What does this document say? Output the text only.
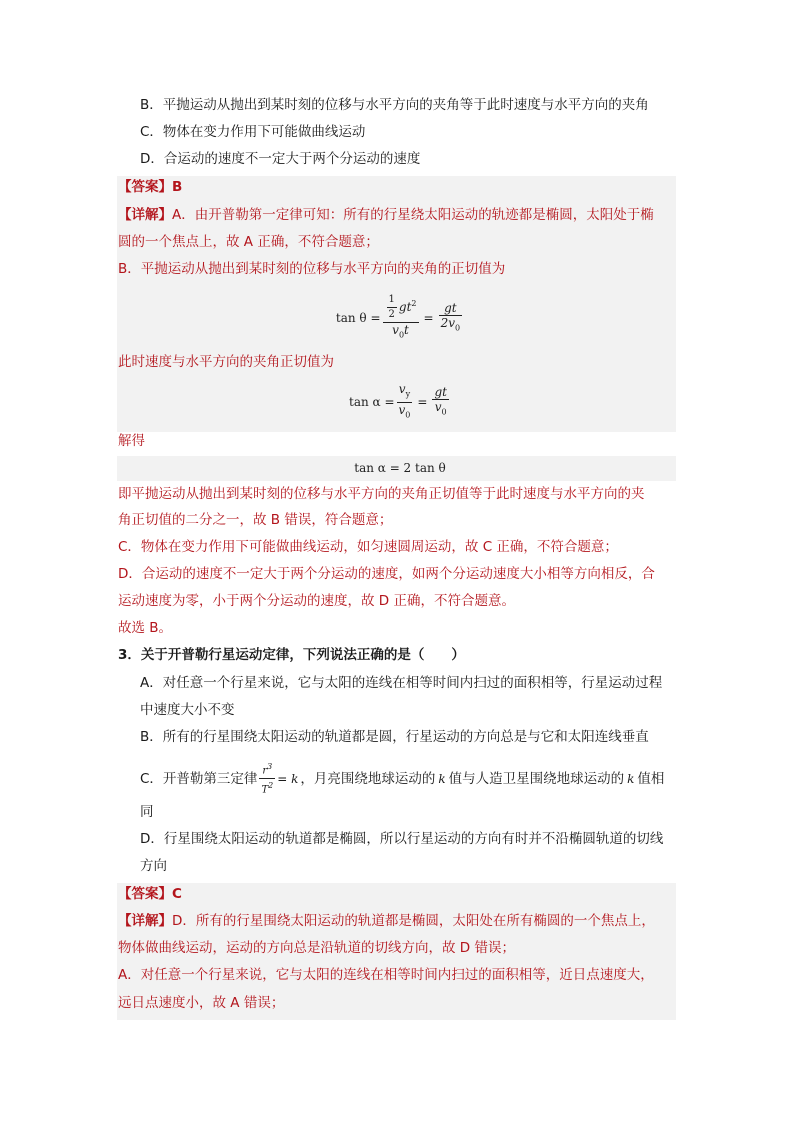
B．平抛运动从抛出到某时刻的位移与水平方向的夹角等于此时速度与水平方向的夹角
C．物体在变力作用下可能做曲线运动
D．合运动的速度不一定大于两个分运动的速度
【答案】B
【详解】A．由开普勒第一定律可知：所有的行星绕太阳运动的轨迹都是椭圆，太阳处于椭
圆的一个焦点上，故 A 正确，不符合题意；
B．平抛运动从抛出到某时刻的位移与水平方向的夹角的正切值为
$\tan \theta = \frac{\frac{1}{2} gt^2}{v_0t} = \frac{gt}{2v_0}$
此时速度与水平方向的夹角正切值为
$\tan \alpha = \frac{v_y}{v_0} = \frac{gt}{v_0}$
解得
tan α = 2 tan θ
即平抛运动从抛出到某时刻的位移与水平方向的夹角正切值等于此时速度与水平方向的夹
角正切值的二分之一，故 B 错误，符合题意；
C．物体在变力作用下可能做曲线运动，如匀速圆周运动，故 C 正确，不符合题意；
D．合运动的速度不一定大于两个分运动的速度，如两个分运动速度大小相等方向相反，合
运动速度为零，小于两个分运动的速度，故 D 正确，不符合题意。
故选 B。
3．关于开普勒行星运动定律，下列说法正确的是（　　）
A．对任意一个行星来说，它与太阳的连线在相等时间内扫过的面积相等，行星运动过程
中速度大小不变
B．所有的行星围绕太阳运动的轨道都是圆，行星运动的方向总是与它和太阳连线垂直
C．开普勒第三定律 $\frac{r^3}{T^2} = k$ ，月亮围绕地球运动的 k 值与人造卫星围绕地球运动的 k 值相
同
D．行星围绕太阳运动的轨道都是椭圆，所以行星运动的方向有时并不沿椭圆轨道的切线
方向
【答案】C
【详解】D．所有的行星围绕太阳运动的轨道都是椭圆，太阳处在所有椭圆的一个焦点上，
物体做曲线运动，运动的方向总是沿轨道的切线方向，故 D 错误；
A．对任意一个行星来说，它与太阳的连线在相等时间内扫过的面积相等，近日点速度大，
远日点速度小，故 A 错误；
